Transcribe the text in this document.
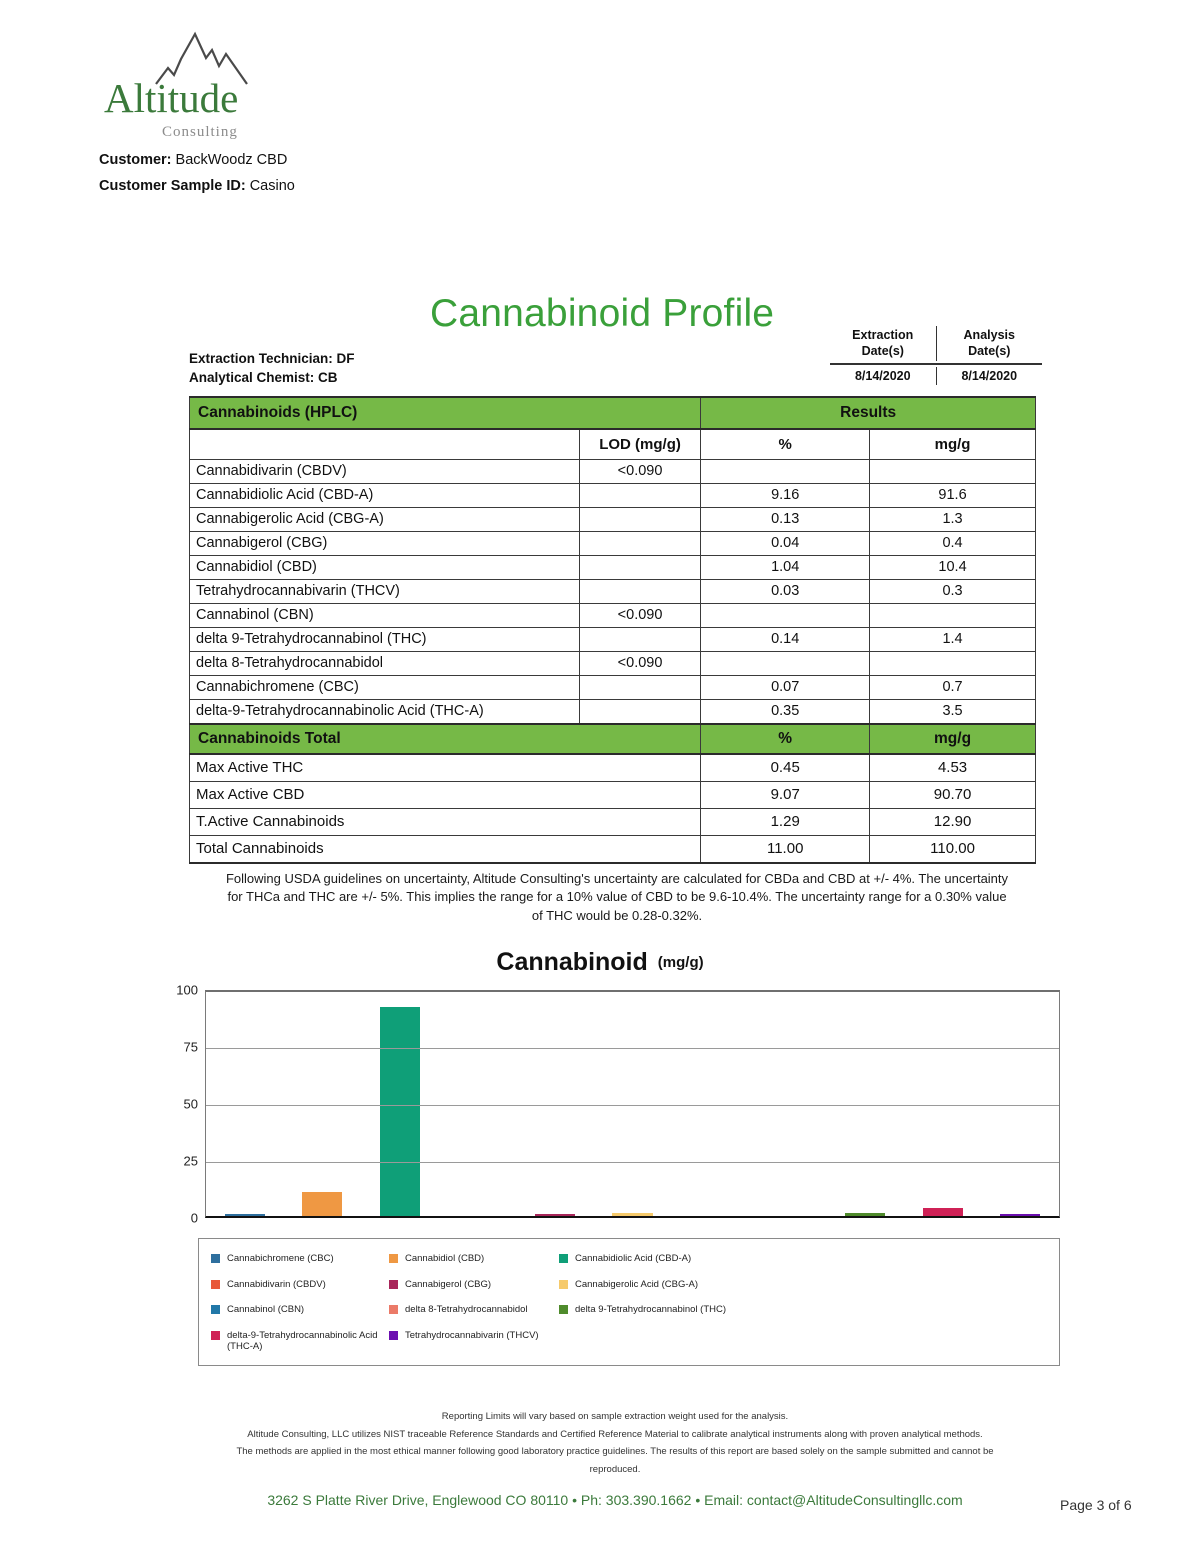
Altitude
Consulting
Customer: BackWoodz CBD
Customer Sample ID: Casino
Cannabinoid Profile
Extraction Technician: DF
Analytical Chemist: CB
Extraction
Date(s)
Analysis
Date(s)
8/14/2020	8/14/2020
Cannabinoids (HPLC)		Results	
	LOD (mg/g)	%	mg/g
Cannabidivarin (CBDV)	<0.090		
Cannabidiolic Acid (CBD-A)		9.16	91.6
Cannabigerolic Acid (CBG-A)		0.13	1.3
Cannabigerol (CBG)		0.04	0.4
Cannabidiol (CBD)		1.04	10.4
Tetrahydrocannabivarin (THCV)		0.03	0.3
Cannabinol (CBN)	<0.090		
delta 9-Tetrahydrocannabinol (THC)		0.14	1.4
delta 8-Tetrahydrocannabidol	<0.090		
Cannabichromene (CBC)		0.07	0.7
delta-9-Tetrahydrocannabinolic Acid (THC-A)		0.35	3.5
Cannabinoids Total		%	mg/g
Max Active THC		0.45	4.53
Max Active CBD		9.07	90.70
T.Active Cannabinoids		1.29	12.90
Total Cannabinoids		11.00	110.00
Following USDA guidelines on uncertainty, Altitude Consulting's uncertainty are calculated for CBDa and CBD at +/- 4%. The uncertainty for THCa and THC are +/- 5%. This implies the range for a 10% value of CBD to be 9.6-10.4%. The uncertainty range for a 0.30% value of THC would be 0.28-0.32%.
Cannabinoid (mg/g)
0
25
50
75
100
Cannabichromene (CBC)	Cannabidiol (CBD)	Cannabidiolic Acid (CBD-A)
Cannabidivarin (CBDV)	Cannabigerol (CBG)	Cannabigerolic Acid (CBG-A)
Cannabinol (CBN)	delta 8-Tetrahydrocannabidol	delta 9-Tetrahydrocannabinol (THC)
delta-9-Tetrahydrocannabinolic Acid (THC-A)
Tetrahydrocannabivarin (THCV)
Reporting Limits will vary based on sample extraction weight used for the analysis.
Altitude Consulting, LLC utilizes NIST traceable Reference Standards and Certified Reference Material to calibrate analytical instruments along with proven analytical methods.
The methods are applied in the most ethical manner following good laboratory practice guidelines. The results of this report are based solely on the sample submitted and cannot be
reproduced.
3262 S Platte River Drive, Englewood CO 80110 • Ph: 303.390.1662 • Email: contact@AltitudeConsultingllc.com	Page 3 of 6
